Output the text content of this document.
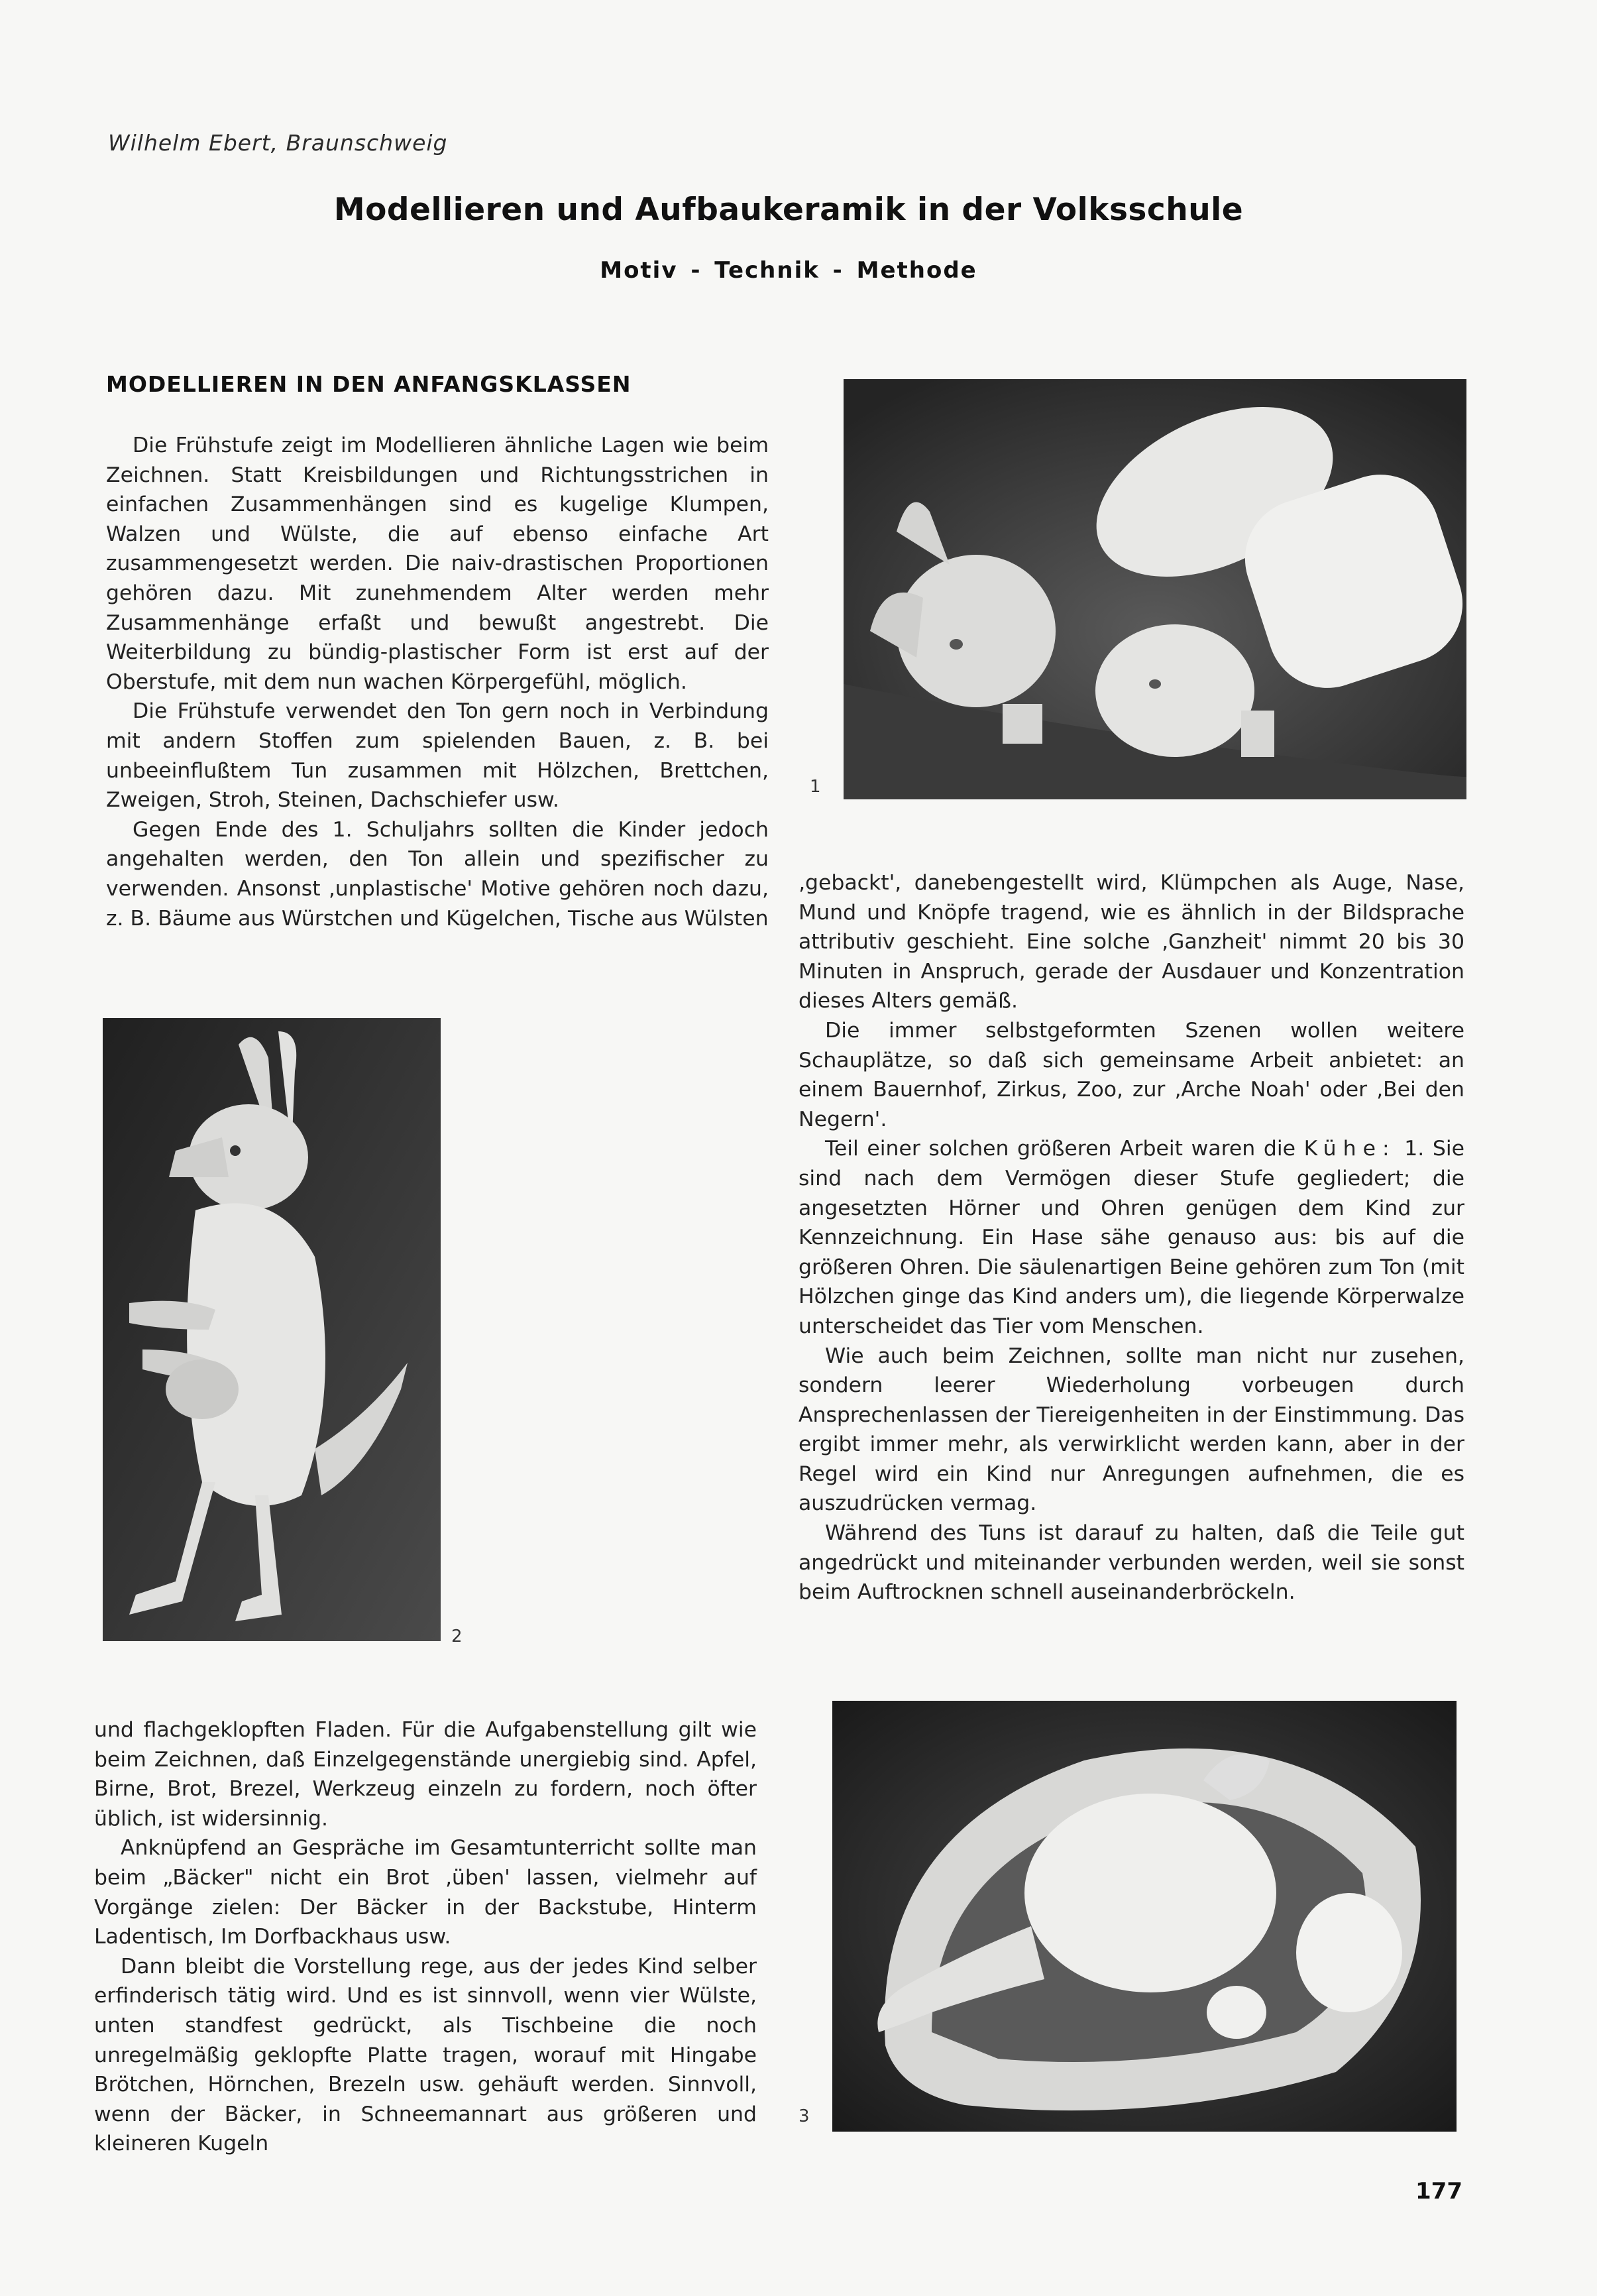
Wilhelm Ebert, Braunschweig
Modellieren und Aufbaukeramik in der Volksschule
Motiv - Technik - Methode
MODELLIEREN IN DEN ANFANGSKLASSEN

Die Frühstufe zeigt im Modellieren ähnliche Lagen wie beim Zeichnen. Statt Kreisbildungen und Richtungsstrichen in einfachen Zusammenhängen sind es kugelige Klumpen, Walzen und Wülste, die auf ebenso einfache Art zusammengesetzt werden. Die naiv-drastischen Proportionen gehören dazu. Mit zunehmendem Alter werden mehr Zusammenhänge erfaßt und bewußt angestrebt. Die Weiterbildung zu bündig-plastischer Form ist erst auf der Oberstufe, mit dem nun wachen Körpergefühl, möglich.

Die Frühstufe verwendet den Ton gern noch in Verbindung mit andern Stoffen zum spielenden Bauen, z. B. bei unbeeinflußtem Tun zusammen mit Hölzchen, Brettchen, Zweigen, Stroh, Steinen, Dachschiefer usw.

Gegen Ende des 1. Schuljahrs sollten die Kinder jedoch angehalten werden, den Ton allein und spezifischer zu verwenden. Ansonst ‚unplastische' Motive gehören noch dazu, z. B. Bäume aus Würstchen und Kügelchen, Tische aus Wülsten

1

‚gebackt', danebengestellt wird, Klümpchen als Auge, Nase, Mund und Knöpfe tragend, wie es ähnlich in der Bildsprache attributiv geschieht. Eine solche ‚Ganzheit' nimmt 20 bis 30 Minuten in Anspruch, gerade der Ausdauer und Konzentration dieses Alters gemäß.

Die immer selbstgeformten Szenen wollen weitere Schauplätze, so daß sich gemeinsame Arbeit anbietet: an einem Bauernhof, Zirkus, Zoo, zur ‚Arche Noah' oder ‚Bei den Negern'.

Teil einer solchen größeren Arbeit waren die Kühe: 1. Sie sind nach dem Vermögen dieser Stufe gegliedert; die angesetzten Hörner und Ohren genügen dem Kind zur Kennzeichnung. Ein Hase sähe genauso aus: bis auf die größeren Ohren. Die säulenartigen Beine gehören zum Ton (mit Hölzchen ginge das Kind anders um), die liegende Körperwalze unterscheidet das Tier vom Menschen.

Wie auch beim Zeichnen, sollte man nicht nur zusehen, sondern leerer Wiederholung vorbeugen durch Ansprechenlassen der Tiereigenheiten in der Einstimmung. Das ergibt immer mehr, als verwirklicht werden kann, aber in der Regel wird ein Kind nur Anregungen aufnehmen, die es auszudrücken vermag.

Während des Tuns ist darauf zu halten, daß die Teile gut angedrückt und miteinander verbunden werden, weil sie sonst beim Auftrocknen schnell auseinanderbröckeln.

2

und flachgeklopften Fladen. Für die Aufgabenstellung gilt wie beim Zeichnen, daß Einzelgegenstände unergiebig sind. Apfel, Birne, Brot, Brezel, Werkzeug einzeln zu fordern, noch öfter üblich, ist widersinnig.

Anknüpfend an Gespräche im Gesamtunterricht sollte man beim „Bäcker" nicht ein Brot ‚üben' lassen, vielmehr auf Vorgänge zielen: Der Bäcker in der Backstube, Hinterm Ladentisch, Im Dorfbackhaus usw.

Dann bleibt die Vorstellung rege, aus der jedes Kind selber erfinderisch tätig wird. Und es ist sinnvoll, wenn vier Wülste, unten standfest gedrückt, als Tischbeine die noch unregelmäßig geklopfte Platte tragen, worauf mit Hingabe Brötchen, Hörnchen, Brezeln usw. gehäuft werden. Sinnvoll, wenn der Bäcker, in Schneemannart aus größeren und kleineren Kugeln

3
177
